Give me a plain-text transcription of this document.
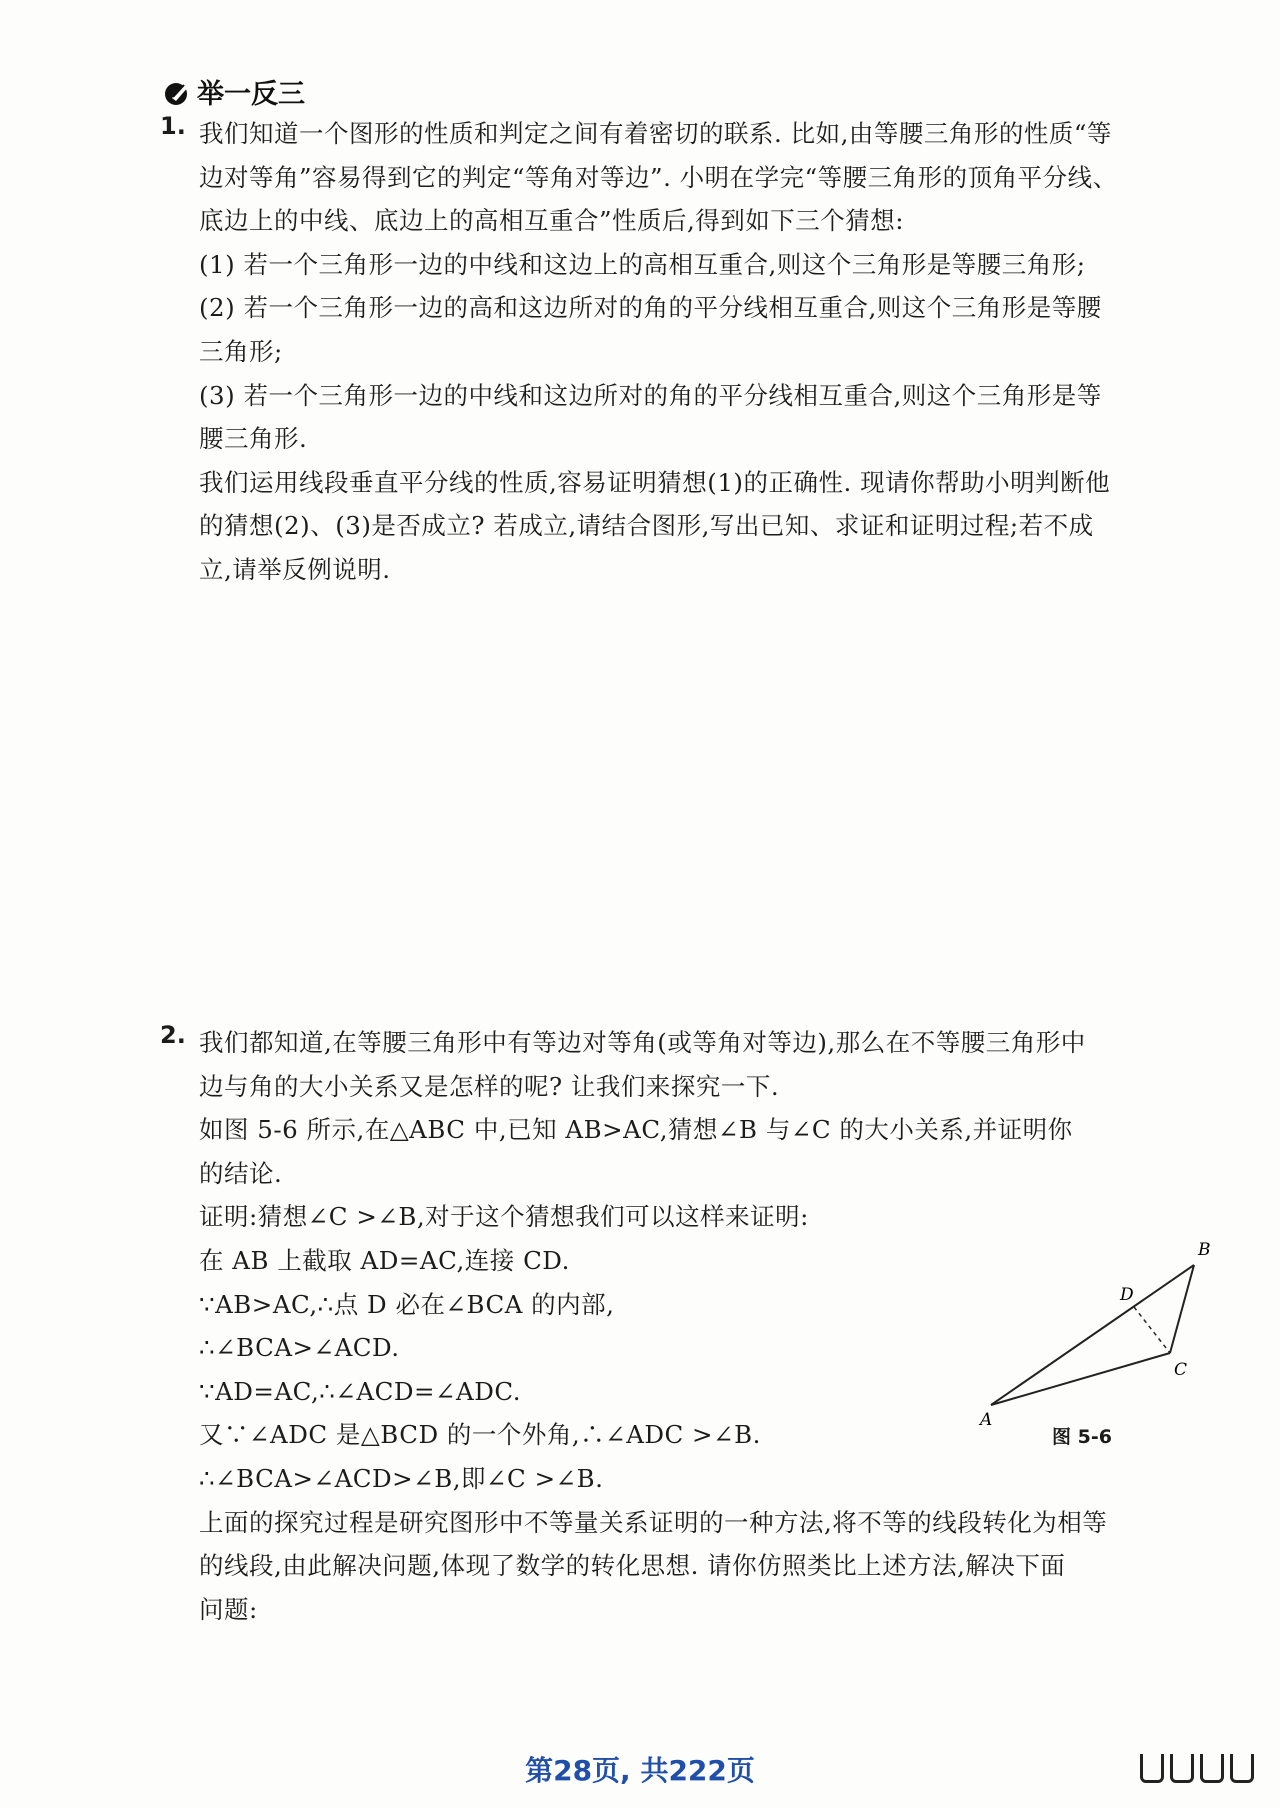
举一反三
1. 我们知道一个图形的性质和判定之间有着密切的联系. 比如,由等腰三角形的性质“等

边对等角”容易得到它的判定“等角对等边”. 小明在学完“等腰三角形的顶角平分线、

底边上的中线、底边上的高相互重合”性质后,得到如下三个猜想:

(1) 若一个三角形一边的中线和这边上的高相互重合,则这个三角形是等腰三角形;

(2) 若一个三角形一边的高和这边所对的角的平分线相互重合,则这个三角形是等腰

三角形;

(3) 若一个三角形一边的中线和这边所对的角的平分线相互重合,则这个三角形是等

腰三角形.

我们运用线段垂直平分线的性质,容易证明猜想(1)的正确性. 现请你帮助小明判断他

的猜想(2)、(3)是否成立? 若成立,请结合图形,写出已知、求证和证明过程;若不成

立,请举反例说明.

2. 我们都知道,在等腰三角形中有等边对等角(或等角对等边),那么在不等腰三角形中

边与角的大小关系又是怎样的呢? 让我们来探究一下.

如图 5-6 所示,在△ABC 中,已知 AB>AC,猜想∠B 与∠C 的大小关系,并证明你

的结论.

证明:猜想∠C >∠B,对于这个猜想我们可以这样来证明:

在 AB 上截取 AD=AC,连接 CD.

∵AB>AC,∴点 D 必在∠BCA 的内部,

∴∠BCA>∠ACD.

∵AD=AC,∴∠ACD=∠ADC.

又∵∠ADC 是△BCD 的一个外角,∴∠ADC >∠B.

∴∠BCA>∠ACD>∠B,即∠C >∠B.

上面的探究过程是研究图形中不等量关系证明的一种方法,将不等的线段转化为相等

的线段,由此解决问题,体现了数学的转化思想. 请你仿照类比上述方法,解决下面

问题:

A
B
C
D
图 5-6
第28页, 共222页
